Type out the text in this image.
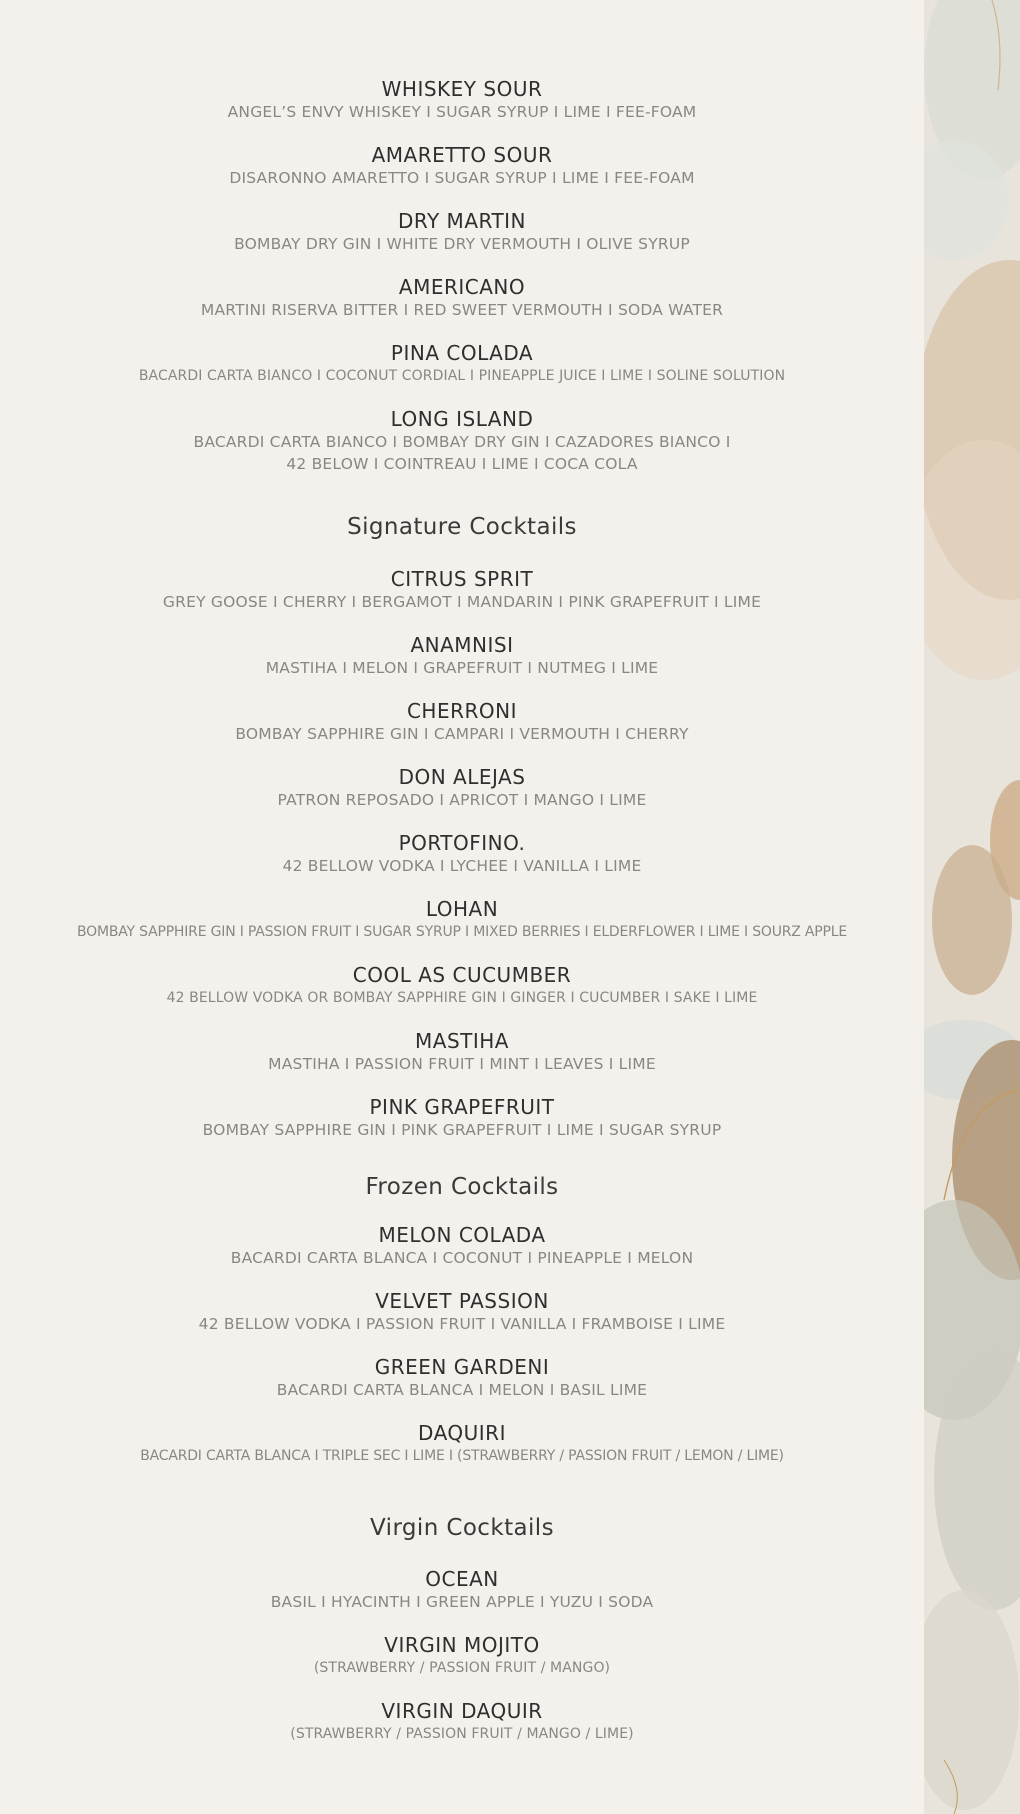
WHISKEY SOUR
ANGEL’S ENVY WHISKEY I SUGAR SYRUP I LIME I FEE-FOAM
AMARETTO SOUR
DISARONNO AMARETTO I SUGAR SYRUP I LIME I FEE-FOAM
DRY MARTIN
BOMBAY DRY GIN I WHITE DRY VERMOUTH I OLIVE SYRUP
AMERICANO
MARTINI RISERVA BITTER I RED SWEET VERMOUTH I SODA WATER
PINA COLADA
BACARDI CARTA BIANCO I COCONUT CORDIAL I PINEAPPLE JUICE I LIME I SOLINE SOLUTION
LONG ISLAND
BACARDI CARTA BIANCO I BOMBAY DRY GIN I CAZADORES BIANCO I
42 BELOW I COINTREAU I LIME I COCA COLA
Signature Cocktails
CITRUS SPRIT
GREY GOOSE I CHERRY I BERGAMOT I MANDARIN I PINK GRAPEFRUIT I LIME
ANAMNISI
MASTIHA I MELON I GRAPEFRUIT I NUTMEG I LIME
CHERRONI
BOMBAY SAPPHIRE GIN I CAMPARI I VERMOUTH I CHERRY
DON ALEJAS
PATRON REPOSADO I APRICOT I MANGO I LIME
PORTOFINO.
42 BELLOW VODKA I LYCHEE I VANILLA I LIME
LOHAN
BOMBAY SAPPHIRE GIN I PASSION FRUIT I SUGAR SYRUP I MIXED BERRIES I ELDERFLOWER I LIME I SOURZ APPLE
COOL AS CUCUMBER
42 BELLOW VODKA OR BOMBAY SAPPHIRE GIN I GINGER I CUCUMBER I SAKE I LIME
MASTIHA
MASTIHA I PASSION FRUIT I MINT I LEAVES I LIME
PINK GRAPEFRUIT
BOMBAY SAPPHIRE GIN I PINK GRAPEFRUIT I LIME I SUGAR SYRUP
Frozen Cocktails
MELON COLADA
BACARDI CARTA BLANCA I COCONUT I PINEAPPLE I MELON
VELVET PASSION
42 BELLOW VODKA I PASSION FRUIT I VANILLA I FRAMBOISE I LIME
GREEN GARDENI
BACARDI CARTA BLANCA I MELON I BASIL LIME
DAQUIRI
BACARDI CARTA BLANCA I TRIPLE SEC I LIME I (STRAWBERRY / PASSION FRUIT / LEMON / LIME)
Virgin Cocktails
OCEAN
BASIL I HYACINTH I GREEN APPLE I YUZU I SODA
VIRGIN MOJITO
(STRAWBERRY / PASSION FRUIT / MANGO)
VIRGIN DAQUIR
(STRAWBERRY / PASSION FRUIT / MANGO / LIME)
